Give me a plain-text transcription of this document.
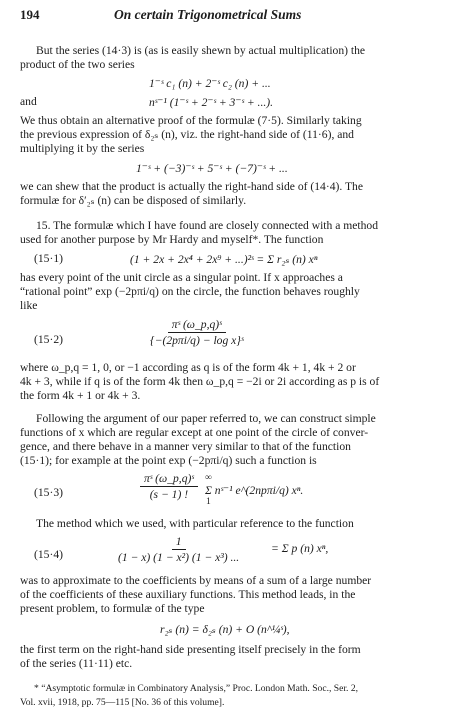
194	On certain Trigonometrical Sums
But the series (14·3) is (as is easily shewn by actual multiplication) the
product of the two series
1⁻ˢ c₁ (n) + 2⁻ˢ c₂ (n) + ...
and	nˢ⁻¹ (1⁻ˢ + 2⁻ˢ + 3⁻ˢ + ...).
We thus obtain an alternative proof of the formulæ (7·5). Similarly taking
the previous expression of δ₂ₛ (n), viz. the right-hand side of (11·6), and
multiplying it by the series
1⁻ˢ + (−3)⁻ˢ + 5⁻ˢ + (−7)⁻ˢ + ...
we can shew that the product is actually the right-hand side of (14·4). The
formulæ for δ′₂ₛ (n) can be disposed of similarly.
15. The formulæ which I have found are closely connected with a method
used for another purpose by Mr Hardy and myself*. The function
(15·1)	(1 + 2x + 2x⁴ + 2x⁹ + ...)²ˢ = Σ r₂ₛ (n) xⁿ
has every point of the unit circle as a singular point. If x approaches a
“rational point” exp (−2pπi/q) on the circle, the function behaves roughly
like
(15·2)
πˢ (ω_p,q)ˢ
{−(2pπi/q) − log x}ˢ
where ω_p,q = 1, 0, or −1 according as q is of the form 4k + 1, 4k + 2 or
4k + 3, while if q is of the form 4k then ω_p,q = −2i or 2i according as p is of
the form 4k + 1 or 4k + 3.
Following the argument of our paper referred to, we can construct simple
functions of x which are regular except at one point of the circle of conver-
gence, and there behave in a manner very similar to that of the function
(15·1); for example at the point exp (−2pπi/q) such a function is
(15·3)	$\frac{\text{πˢ (ω\_p,q)ˢ}}{(s - 1) !}$ ∞
Σ nˢ⁻¹ e^(2npπi/q) xⁿ.
1
The method which we used, with particular reference to the function
(15·4)	$\frac{1}{\text{(1 − x) (1 − x²) (1 − x³) ...}} = \Sigma$ p (n) xⁿ,
was to approximate to the coefficients by means of a sum of a large number
of the coefficients of these auxiliary functions. This method leads, in the
present problem, to formulæ of the type
r₂ₛ (n) = δ₂ₛ (n) + O (n^¼ˢ),
the first term on the right-hand side presenting itself precisely in the form
of the series (11·11) etc.
* “Asymptotic formulæ in Combinatory Analysis,” Proc. London Math. Soc., Ser. 2,
Vol. xvii, 1918, pp. 75—115 [No. 36 of this volume].
